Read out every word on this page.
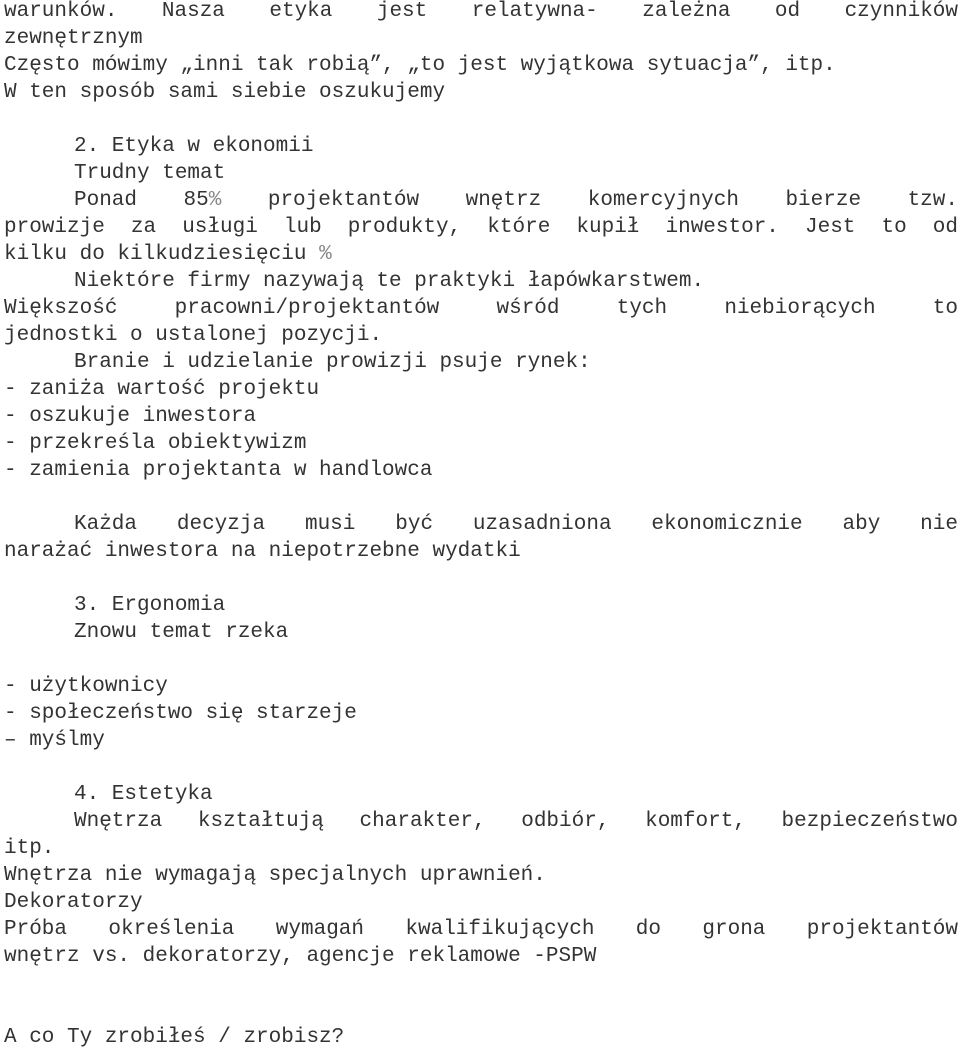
warunków. Nasza etyka jest relatywna- zależna od czynników
zewnętrznym
Często mówimy „inni tak robią”, „to jest wyjątkowa sytuacja”, itp.
W ten sposób sami siebie oszukujemy
2. Etyka w ekonomii
Trudny temat
Ponad 85% projektantów wnętrz komercyjnych bierze tzw.
prowizje za usługi lub produkty, które kupił inwestor. Jest to od
kilku do kilkudziesięciu %
Niektóre firmy nazywają te praktyki łapówkarstwem.
Większość pracowni/projektantów wśród tych niebiorących to
jednostki o ustalonej pozycji.
Branie i udzielanie prowizji psuje rynek:
- zaniża wartość projektu
- oszukuje inwestora
- przekreśla obiektywizm
- zamienia projektanta w handlowca
Każda decyzja musi być uzasadniona ekonomicznie aby nie
narażać inwestora na niepotrzebne wydatki
3. Ergonomia
Znowu temat rzeka
- użytkownicy
- społeczeństwo się starzeje
– myślmy
4. Estetyka
Wnętrza kształtują charakter, odbiór, komfort, bezpieczeństwo
itp.
Wnętrza nie wymagają specjalnych uprawnień.
Dekoratorzy
Próba określenia wymagań kwalifikujących do grona projektantów
wnętrz vs. dekoratorzy, agencje reklamowe -PSPW
A co Ty zrobiłeś / zrobisz?
